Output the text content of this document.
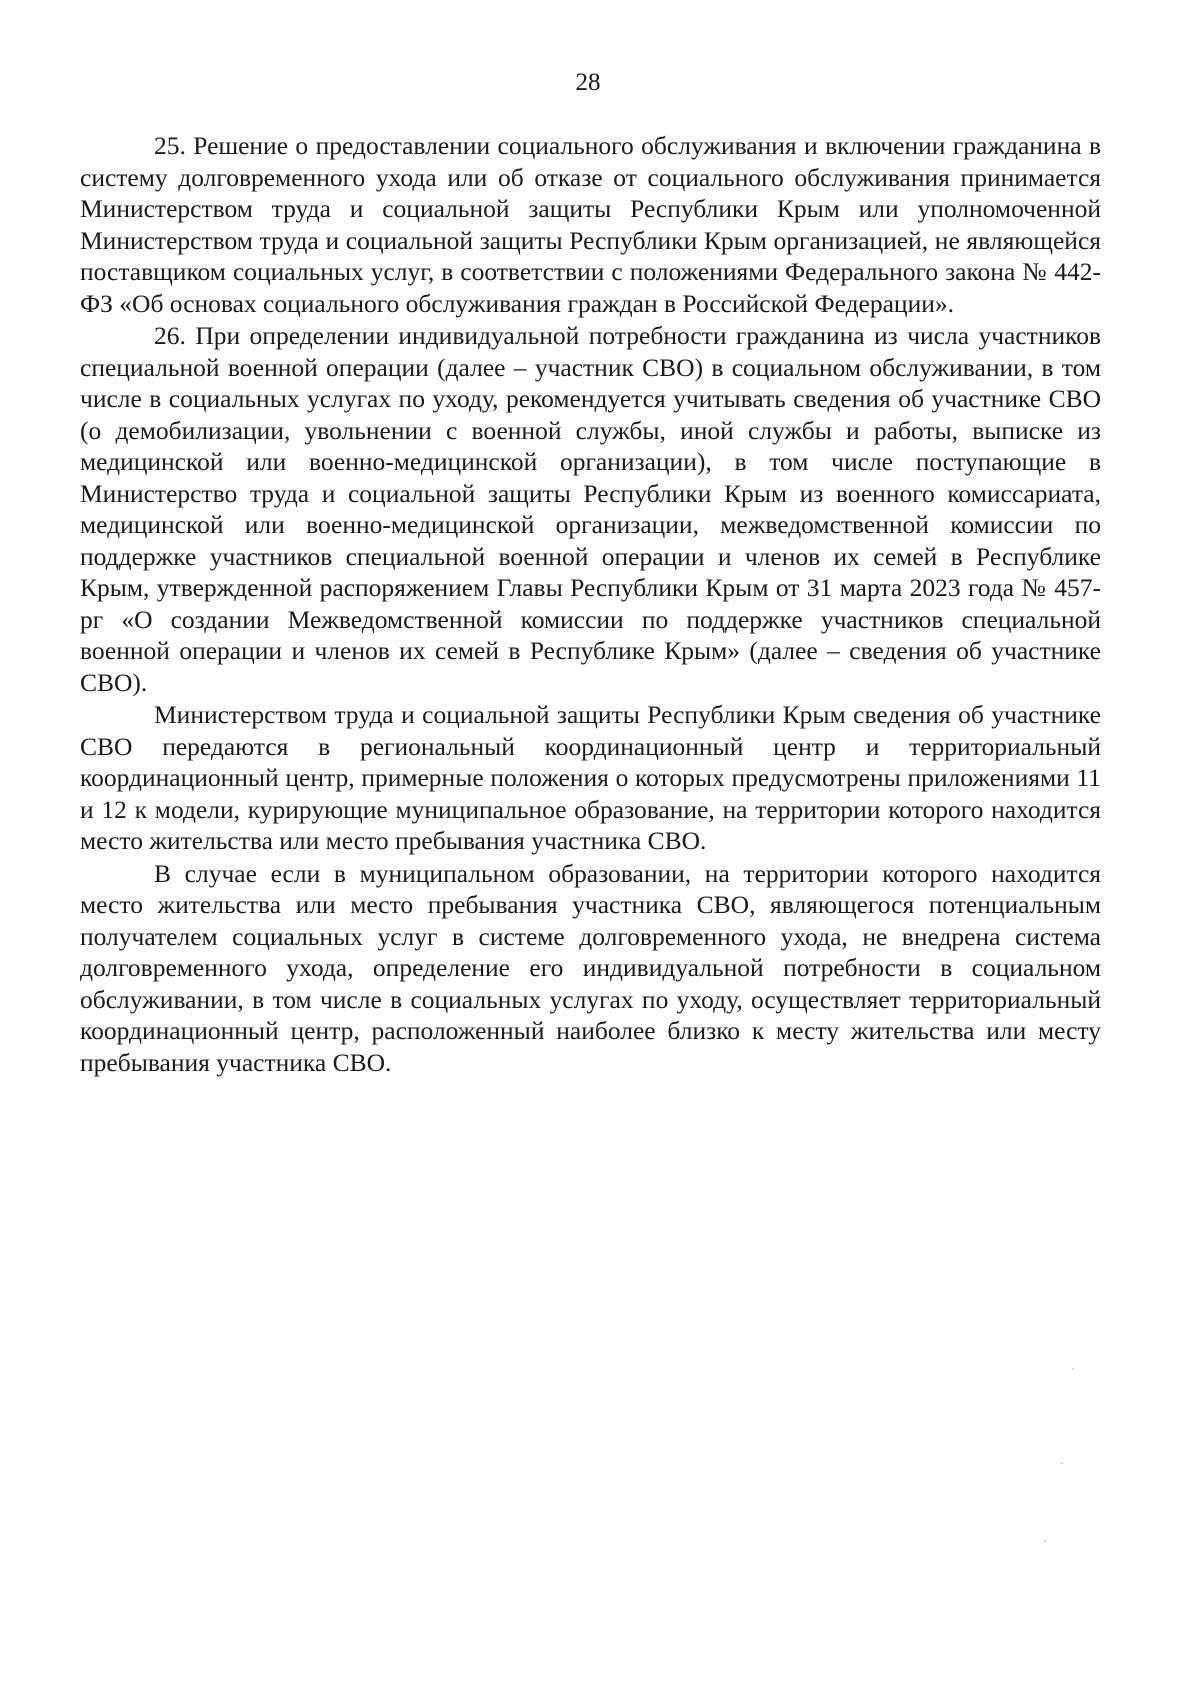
28

25. Решение о предоставлении социального обслуживания и включении гражданина в систему долговременного ухода или об отказе от социального обслуживания принимается Министерством труда и социальной защиты Республики Крым или уполномоченной Министерством труда и социальной защиты Республики Крым организацией, не являющейся поставщиком социальных услуг, в соответствии с положениями Федерального закона № 442-ФЗ «Об основах социального обслуживания граждан в Российской Федерации».

26. При определении индивидуальной потребности гражданина из числа участников специальной военной операции (далее – участник СВО) в социальном обслуживании, в том числе в социальных услугах по уходу, рекомендуется учитывать сведения об участнике СВО (о демобилизации, увольнении с военной службы, иной службы и работы, выписке из медицинской или военно-медицинской организации), в том числе поступающие в Министерство труда и социальной защиты Республики Крым из военного комиссариата, медицинской или военно-медицинской организации, межведомственной комиссии по поддержке участников специальной военной операции и членов их семей в Республике Крым, утвержденной распоряжением Главы Республики Крым от 31 марта 2023 года № 457-рг «О создании Межведомственной комиссии по поддержке участников специальной военной операции и членов их семей в Республике Крым» (далее – сведения об участнике СВО).

Министерством труда и социальной защиты Республики Крым сведения об участнике СВО передаются в региональный координационный центр и территориальный координационный центр, примерные положения о которых предусмотрены приложениями 11 и 12 к модели, курирующие муниципальное образование, на территории которого находится место жительства или место пребывания участника СВО.

В случае если в муниципальном образовании, на территории которого находится место жительства или место пребывания участника СВО, являющегося потенциальным получателем социальных услуг в системе долговременного ухода, не внедрена система долговременного ухода, определение его индивидуальной потребности в социальном обслуживании, в том числе в социальных услугах по уходу, осуществляет территориальный координационный центр, расположенный наиболее близко к месту жительства или месту пребывания участника СВО.
